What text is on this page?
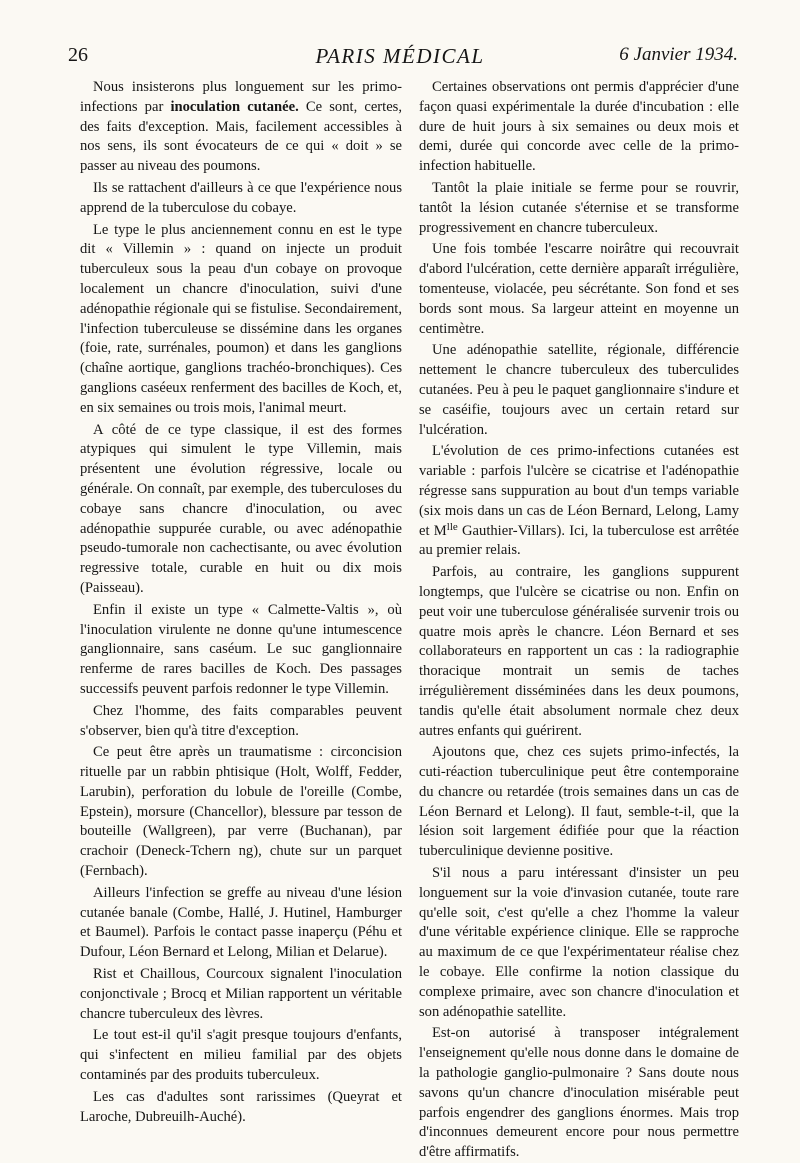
26	PARIS MÉDICAL	6 Janvier 1934.

Nous insisterons plus longuement sur les primo-infections par inoculation cutanée. Ce sont, certes, des faits d'exception. Mais, facilement accessibles à nos sens, ils sont évocateurs de ce qui « doit » se passer au niveau des poumons.

Ils se rattachent d'ailleurs à ce que l'expérience nous apprend de la tuberculose du cobaye.

Le type le plus anciennement connu en est le type dit « Villemin » : quand on injecte un produit tuberculeux sous la peau d'un cobaye on provoque localement un chancre d'inoculation, suivi d'une adénopathie régionale qui se fistulise. Secondairement, l'infection tuberculeuse se dissémine dans les organes (foie, rate, surrénales, poumon) et dans les ganglions (chaîne aortique, ganglions trachéo-bronchiques). Ces ganglions caséeux renferment des bacilles de Koch, et, en six semaines ou trois mois, l'animal meurt.

A côté de ce type classique, il est des formes atypiques qui simulent le type Villemin, mais présentent une évolution régressive, locale ou générale. On connaît, par exemple, des tuberculoses du cobaye sans chancre d'inoculation, ou avec adénopathie suppurée curable, ou avec adénopathie pseudo-tumorale non cachectisante, ou avec évolution regressive totale, curable en huit ou dix mois (Paisseau).

Enfin il existe un type « Calmette-Valtis », où l'inoculation virulente ne donne qu'une intumescence ganglionnaire, sans caséum. Le suc ganglionnaire renferme de rares bacilles de Koch. Des passages successifs peuvent parfois redonner le type Villemin.

Chez l'homme, des faits comparables peuvent s'observer, bien qu'à titre d'exception.

Ce peut être après un traumatisme : circoncision rituelle par un rabbin phtisique (Holt, Wolff, Fedder, Larubin), perforation du lobule de l'oreille (Combe, Epstein), morsure (Chancellor), blessure par tesson de bouteille (Wallgreen), par verre (Buchanan), par crachoir (Deneck-Tchern ng), chute sur un parquet (Fernbach).

Ailleurs l'infection se greffe au niveau d'une lésion cutanée banale (Combe, Hallé, J. Hutinel, Hamburger et Baumel). Parfois le contact passe inaperçu (Péhu et Dufour, Léon Bernard et Lelong, Milian et Delarue).

Rist et Chaillous, Courcoux signalent l'inoculation conjonctivale ; Brocq et Milian rapportent un véritable chancre tuberculeux des lèvres.

Le tout est-il qu'il s'agit presque toujours d'enfants, qui s'infectent en milieu familial par des objets contaminés par des produits tuberculeux.

Les cas d'adultes sont rarissimes (Queyrat et Laroche, Dubreuilh-Auché).

Certaines observations ont permis d'apprécier d'une façon quasi expérimentale la durée d'incubation : elle dure de huit jours à six semaines ou deux mois et demi, durée qui concorde avec celle de la primo-infection habituelle.

Tantôt la plaie initiale se ferme pour se rouvrir, tantôt la lésion cutanée s'éternise et se transforme progressivement en chancre tuberculeux.

Une fois tombée l'escarre noirâtre qui recouvrait d'abord l'ulcération, cette dernière apparaît irrégulière, tomenteuse, violacée, peu sécrétante. Son fond et ses bords sont mous. Sa largeur atteint en moyenne un centimètre.

Une adénopathie satellite, régionale, différencie nettement le chancre tuberculeux des tuberculides cutanées. Peu à peu le paquet ganglionnaire s'indure et se caséifie, toujours avec un certain retard sur l'ulcération.

L'évolution de ces primo-infections cutanées est variable : parfois l'ulcère se cicatrise et l'adénopathie régresse sans suppuration au bout d'un temps variable (six mois dans un cas de Léon Bernard, Lelong, Lamy et $M^{lle}$ Gauthier-Villars). Ici, la tuberculose est arrêtée au premier relais.

Parfois, au contraire, les ganglions suppurent longtemps, que l'ulcère se cicatrise ou non. Enfin on peut voir une tuberculose généralisée survenir trois ou quatre mois après le chancre. Léon Bernard et ses collaborateurs en rapportent un cas : la radiographie thoracique montrait un semis de taches irrégulièrement disséminées dans les deux poumons, tandis qu'elle était absolument normale chez deux autres enfants qui guérirent.

Ajoutons que, chez ces sujets primo-infectés, la cuti-réaction tuberculinique peut être contemporaine du chancre ou retardée (trois semaines dans un cas de Léon Bernard et Lelong). Il faut, semble-t-il, que la lésion soit largement édifiée pour que la réaction tuberculinique devienne positive.

S'il nous a paru intéressant d'insister un peu longuement sur la voie d'invasion cutanée, toute rare qu'elle soit, c'est qu'elle a chez l'homme la valeur d'une véritable expérience clinique. Elle se rapproche au maximum de ce que l'expérimentateur réalise chez le cobaye. Elle confirme la notion classique du complexe primaire, avec son chancre d'inoculation et son adénopathie satellite.

Est-on autorisé à transposer intégralement l'enseignement qu'elle nous donne dans le domaine de la pathologie ganglio-pulmonaire ? Sans doute nous savons qu'un chancre d'inoculation misérable peut parfois engendrer des ganglions énormes. Mais trop d'inconnues demeurent encore pour nous permettre d'être affirmatifs.
